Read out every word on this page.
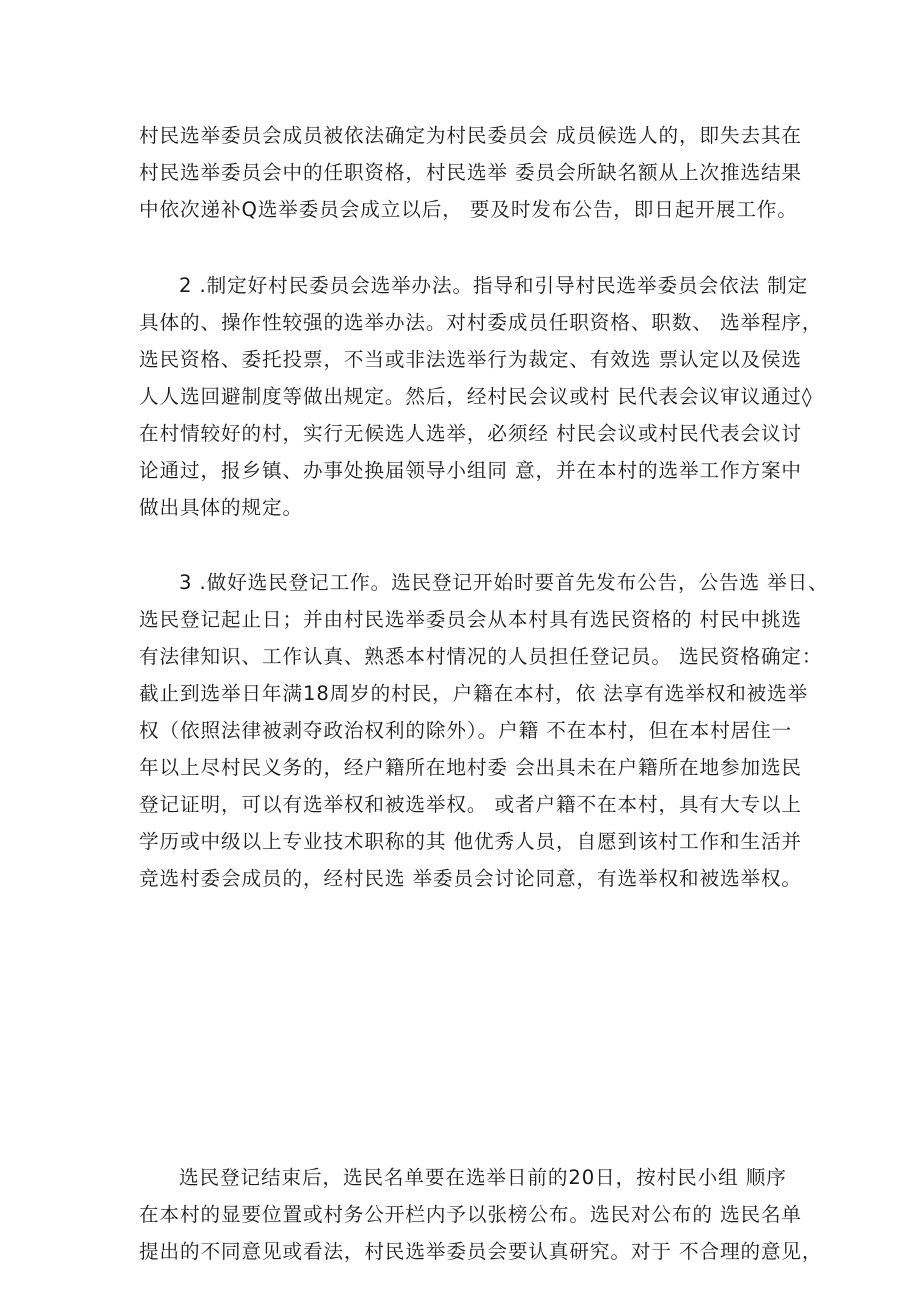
村民选举委员会成员被依法确定为村民委员会 成员候选人的，即失去其在
村民选举委员会中的任职资格，村民选举 委员会所缺名额从上次推选结果
中依次递补Q选举委员会成立以后， 要及时发布公告，即日起开展工作。
2 .制定好村民委员会选举办法。指导和引导村民选举委员会依法 制定
具体的、操作性较强的选举办法。对村委成员任职资格、职数、 选举程序，
选民资格、委托投票，不当或非法选举行为裁定、有效选 票认定以及侯选
人人选回避制度等做出规定。然后，经村民会议或村 民代表会议审议通过◊
在村情较好的村，实行无候选人选举，必须经 村民会议或村民代表会议讨
论通过，报乡镇、办事处换届领导小组同 意，并在本村的选举工作方案中
做出具体的规定。
3 .做好选民登记工作。选民登记开始时要首先发布公告，公告选 举日、
选民登记起止日；并由村民选举委员会从本村具有选民资格的 村民中挑选
有法律知识、工作认真、熟悉本村情况的人员担任登记员。 选民资格确定：
截止到选举日年满18周岁的村民，户籍在本村，依 法享有选举权和被选举
权（依照法律被剥夺政治权利的除外）。户籍 不在本村，但在本村居住一
年以上尽村民义务的，经户籍所在地村委 会出具未在户籍所在地参加选民
登记证明，可以有选举权和被选举权。 或者户籍不在本村，具有大专以上
学历或中级以上专业技术职称的其 他优秀人员，自愿到该村工作和生活并
竞选村委会成员的，经村民选 举委员会讨论同意，有选举权和被选举权。
选民登记结束后，选民名单要在选举日前的20日，按村民小组 顺序
在本村的显要位置或村务公开栏内予以张榜公布。选民对公布的 选民名单
提出的不同意见或看法，村民选举委员会要认真研究。对于 不合理的意见，
